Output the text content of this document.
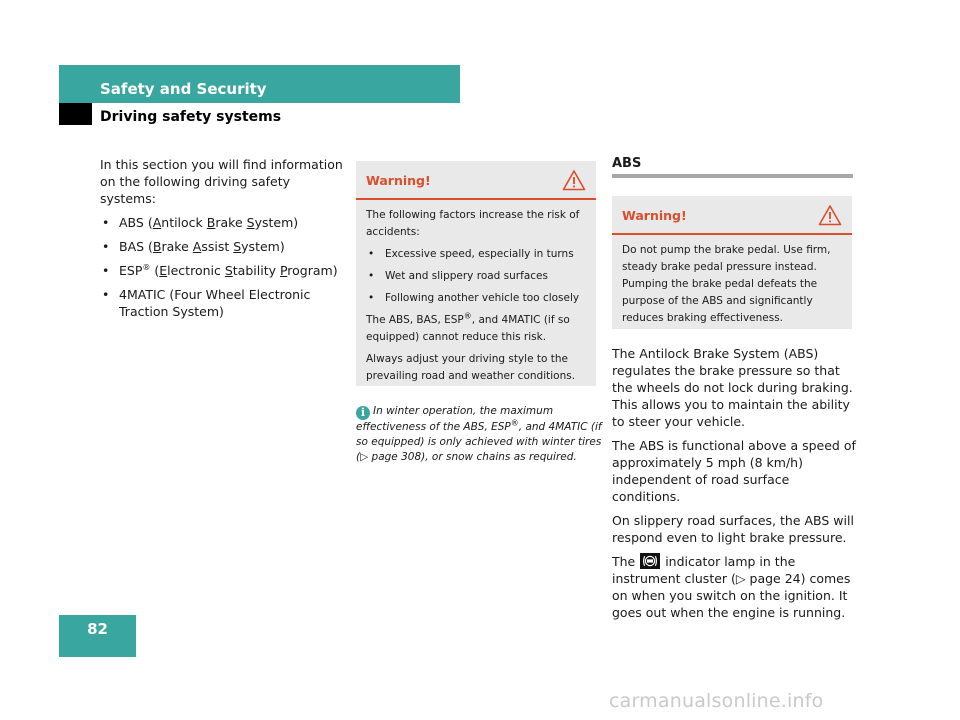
Safety and Security
Driving safety systems

In this section you will find information on the following driving safety systems:

• ABS (Antilock Brake System)
• BAS (Brake Assist System)
• ESP® (Electronic Stability Program)
• 4MATIC (Four Wheel Electronic Traction System)
Warning!

The following factors increase the risk of accidents:

• Excessive speed, especially in turns
• Wet and slippery road surfaces
• Following another vehicle too closely

The ABS, BAS, ESP®, and 4MATIC (if so equipped) cannot reduce this risk.

Always adjust your driving style to the prevailing road and weather conditions.

i In winter operation, the maximum effectiveness of the ABS, ESP®, and 4MATIC (if so equipped) is only achieved with winter tires (▷ page 308), or snow chains as required.
ABS
Warning!

Do not pump the brake pedal. Use firm, steady brake pedal pressure instead. Pumping the brake pedal defeats the purpose of the ABS and significantly reduces braking effectiveness.

The Antilock Brake System (ABS) regulates the brake pressure so that the wheels do not lock during braking. This allows you to maintain the ability to steer your vehicle.

The ABS is functional above a speed of approximately 5 mph (8 km/h) independent of road surface conditions.

On slippery road surfaces, the ABS will respond even to light brake pressure.

The
indicator lamp in the instrument cluster (▷ page 24) comes on when you switch on the ignition. It goes out when the engine is running.

82
carmanualsonline.info
